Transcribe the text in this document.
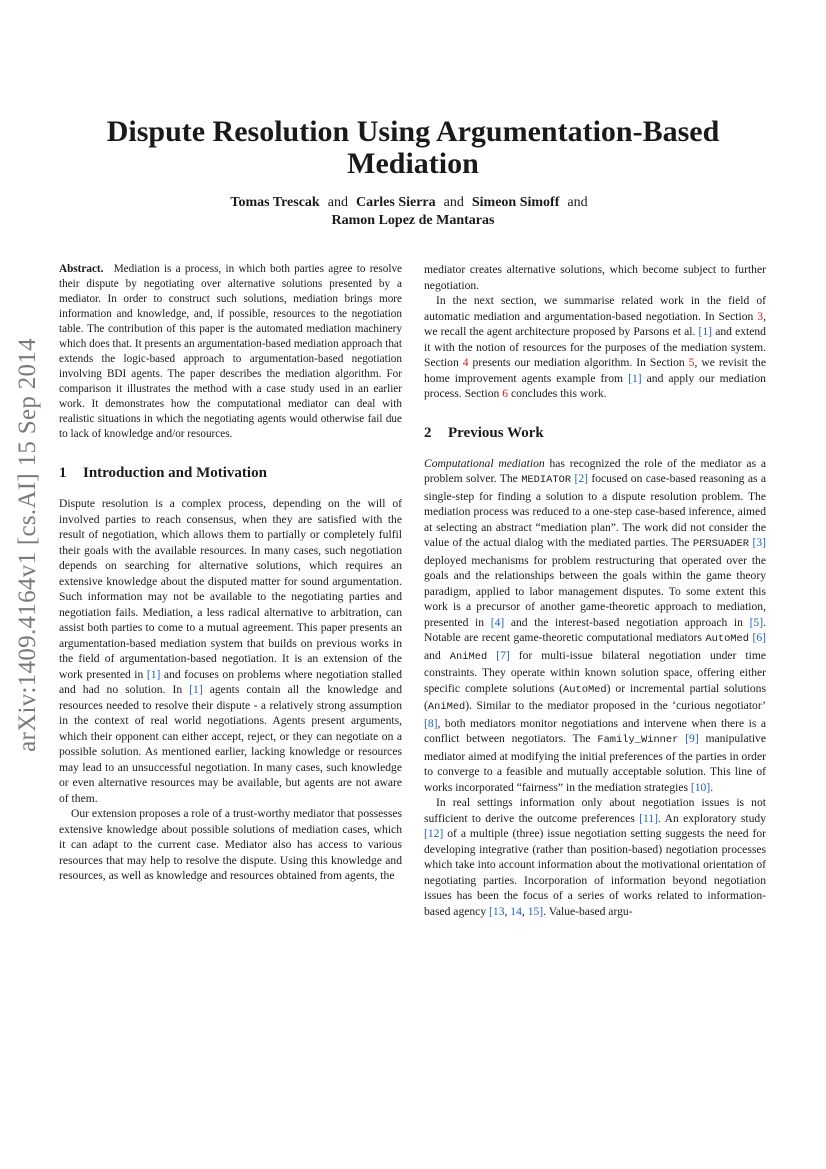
arXiv:1409.4164v1 [cs.AI] 15 Sep 2014
Dispute Resolution Using Argumentation-Based Mediation
Tomas Trescak and Carles Sierra and Simeon Simoff and
Ramon Lopez de Mantaras

Abstract. Mediation is a process, in which both parties agree to resolve their dispute by negotiating over alternative solutions presented by a mediator. In order to construct such solutions, mediation brings more information and knowledge, and, if possible, resources to the negotiation table. The contribution of this paper is the automated mediation machinery which does that. It presents an argumentation-based mediation approach that extends the logic-based approach to argumentation-based negotiation involving BDI agents. The paper describes the mediation algorithm. For comparison it illustrates the method with a case study used in an earlier work. It demonstrates how the computational mediator can deal with realistic situations in which the negotiating agents would otherwise fail due to lack of knowledge and/or resources.

1 Introduction and Motivation

Dispute resolution is a complex process, depending on the will of involved parties to reach consensus, when they are satisfied with the result of negotiation, which allows them to partially or completely fulfil their goals with the available resources. In many cases, such negotiation depends on searching for alternative solutions, which requires an extensive knowledge about the disputed matter for sound argumentation. Such information may not be available to the negotiating parties and negotiation fails. Mediation, a less radical alternative to arbitration, can assist both parties to come to a mutual agreement. This paper presents an argumentation-based mediation system that builds on previous works in the field of argumentation-based negotiation. It is an extension of the work presented in [1] and focuses on problems where negotiation stalled and had no solution. In [1] agents contain all the knowledge and resources needed to resolve their dispute - a relatively strong assumption in the context of real world negotiations. Agents present arguments, which their opponent can either accept, reject, or they can negotiate on a possible solution. As mentioned earlier, lacking knowledge or resources may lead to an unsuccessful negotiation. In many cases, such knowledge or even alternative resources may be available, but agents are not aware of them.

Our extension proposes a role of a trust-worthy mediator that possesses extensive knowledge about possible solutions of mediation cases, which it can adapt to the current case. Mediator also has access to various resources that may help to resolve the dispute. Using this knowledge and resources, as well as knowledge and resources obtained from agents, the

mediator creates alternative solutions, which become subject to further negotiation.

In the next section, we summarise related work in the field of automatic mediation and argumentation-based negotiation. In Section 3, we recall the agent architecture proposed by Parsons et al. [1] and extend it with the notion of resources for the purposes of the mediation system. Section 4 presents our mediation algorithm. In Section 5, we revisit the home improvement agents example from [1] and apply our mediation process. Section 6 concludes this work.

2 Previous Work

Computational mediation has recognized the role of the mediator as a problem solver. The MEDIATOR [2] focused on case-based reasoning as a single-step for finding a solution to a dispute resolution problem. The mediation process was reduced to a one-step case-based inference, aimed at selecting an abstract “mediation plan”. The work did not consider the value of the actual dialog with the mediated parties. The PERSUADER [3] deployed mechanisms for problem restructuring that operated over the goals and the relationships between the goals within the game theory paradigm, applied to labor management disputes. To some extent this work is a precursor of another game-theoretic approach to mediation, presented in [4] and the interest-based negotiation approach in [5]. Notable are recent game-theoretic computational mediators AutoMed [6] and AniMed [7] for multi-issue bilateral negotiation under time constraints. They operate within known solution space, offering either specific complete solutions (AutoMed) or incremental partial solutions (AniMed). Similar to the mediator proposed in the ‘curious negotiator’ [8], both mediators monitor negotiations and intervene when there is a conflict between negotiators. The Family_Winner [9] manipulative mediator aimed at modifying the initial preferences of the parties in order to converge to a feasible and mutually acceptable solution. This line of works incorporated “fairness” in the mediation strategies [10].

In real settings information only about negotiation issues is not sufficient to derive the outcome preferences [11]. An exploratory study [12] of a multiple (three) issue negotiation setting suggests the need for developing integrative (rather than position-based) negotiation processes which take into account information about the motivational orientation of negotiating parties. Incorporation of information beyond negotiation issues has been the focus of a series of works related to information-based agency [13, 14, 15]. Value-based argu-
